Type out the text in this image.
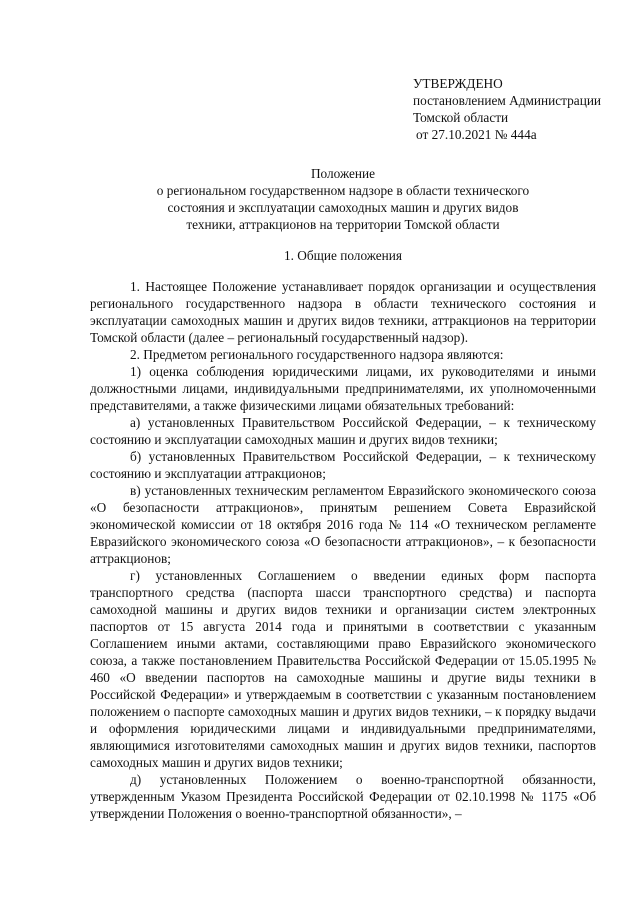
УТВЕРЖДЕНО
постановлением Администрации
Томской области
от 27.10.2021 № 444а
Положение
о региональном государственном надзоре в области технического
состояния и эксплуатации самоходных машин и других видов
техники, аттракционов на территории Томской области
1. Общие положения

1. Настоящее Положение устанавливает порядок организации и осуществления регионального государственного надзора в области технического состояния и эксплуатации самоходных машин и других видов техники, аттракционов на территории Томской области (далее – региональный государственный надзор).

2. Предметом регионального государственного надзора являются:

1) оценка соблюдения юридическими лицами, их руководителями и иными должностными лицами, индивидуальными предпринимателями, их уполномоченными представителями, а также физическими лицами обязательных требований:

а) установленных Правительством Российской Федерации, – к техническому состоянию и эксплуатации самоходных машин и других видов техники;

б) установленных Правительством Российской Федерации, – к техническому состоянию и эксплуатации аттракционов;

в) установленных техническим регламентом Евразийского экономического союза «О безопасности аттракционов», принятым решением Совета Евразийской экономической комиссии от 18 октября 2016 года № 114 «О техническом регламенте Евразийского экономического союза «О безопасности аттракционов», – к безопасности аттракционов;

г) установленных Соглашением о введении единых форм паспорта транспортного средства (паспорта шасси транспортного средства) и паспорта самоходной машины и других видов техники и организации систем электронных паспортов от 15 августа 2014 года и принятыми в соответствии с указанным Соглашением иными актами, составляющими право Евразийского экономического союза, а также постановлением Правительства Российской Федерации от 15.05.1995 № 460 «О введении паспортов на самоходные машины и другие виды техники в Российской Федерации» и утверждаемым в соответствии с указанным постановлением положением о паспорте самоходных машин и других видов техники, – к порядку выдачи и оформления юридическими лицами и индивидуальными предпринимателями, являющимися изготовителями самоходных машин и других видов техники, паспортов самоходных машин и других видов техники;

д) установленных Положением о военно-транспортной обязанности, утвержденным Указом Президента Российской Федерации от 02.10.1998 № 1175 «Об утверждении Положения о военно-транспортной обязанности», –
